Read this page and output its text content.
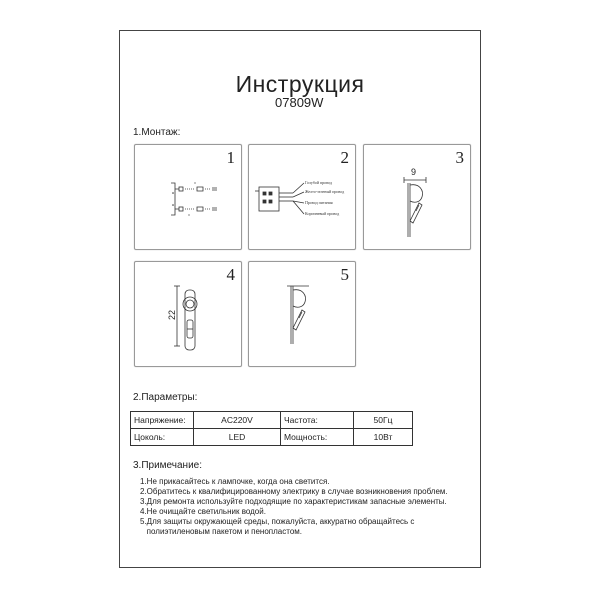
Инструкция
07809W
1.Монтаж:
1	2
Голубой провод
Желто-зеленый провод
Провод питания
Коричневый провод
3
9
4
22
5
2.Параметры:
Напряжение:	AC220V	Частота:	50Гц
Цоколь:	LED	Мощность:	10Вт
3.Примечание:
1.Не прикасайтесь к лампочке, когда она светится.
2.Обратитесь к квалифицированному электрику в случае возникновения проблем.
3.Для ремонта используйте подходящие по характеристикам запасные элементы.
4.Не очищайте светильник водой.
5.Для защиты окружающей среды, пожалуйста, аккуратно обращайтесь с
полиэтиленовым пакетом и пенопластом.
